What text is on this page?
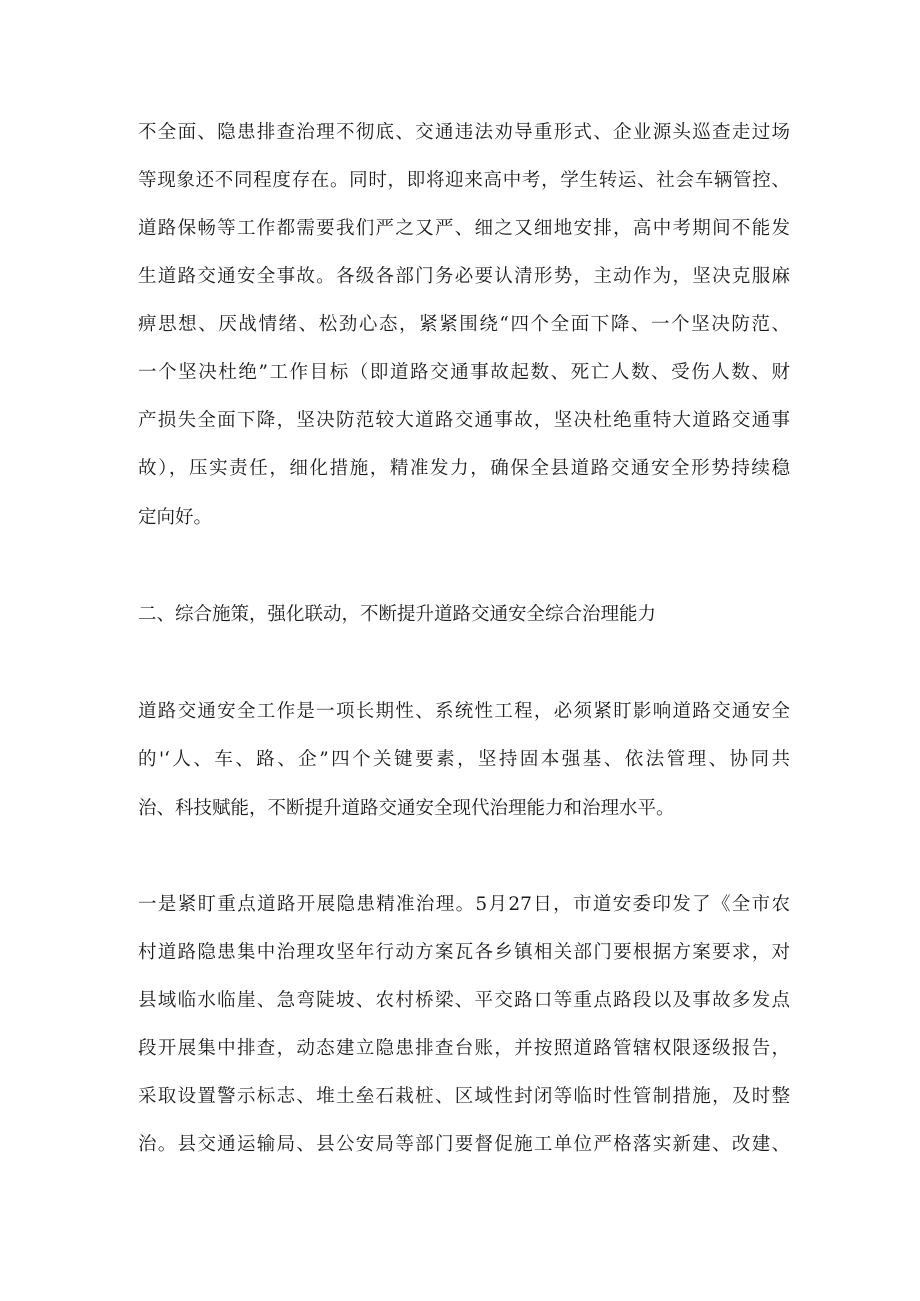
不全面、隐患排查治理不彻底、交通违法劝导重形式、企业源头巡查走过场
等现象还不同程度存在。同时，即将迎来高中考，学生转运、社会车辆管控、
道路保畅等工作都需要我们严之又严、细之又细地安排，高中考期间不能发
生道路交通安全事故。各级各部门务必要认清形势，主动作为，坚决克服麻
痹思想、厌战情绪、松劲心态，紧紧围绕“四个全面下降、一个坚决防范、
一个坚决杜绝”工作目标（即道路交通事故起数、死亡人数、受伤人数、财
产损失全面下降，坚决防范较大道路交通事故，坚决杜绝重特大道路交通事
故），压实责任，细化措施，精准发力，确保全县道路交通安全形势持续稳
定向好。
二、综合施策，强化联动，不断提升道路交通安全综合治理能力
道路交通安全工作是一项长期性、系统性工程，必须紧盯影响道路交通安全
的'‘人、车、路、企”四个关键要素，坚持固本强基、依法管理、协同共
治、科技赋能，不断提升道路交通安全现代治理能力和治理水平。
一是紧盯重点道路开展隐患精准治理。5月27日，市道安委印发了《全市农
村道路隐患集中治理攻坚年行动方案瓦各乡镇相关部门要根据方案要求，对
县域临水临崖、急弯陡坡、农村桥梁、平交路口等重点路段以及事故多发点
段开展集中排查，动态建立隐患排查台账，并按照道路管辖权限逐级报告，
采取设置警示标志、堆土垒石栽桩、区域性封闭等临时性管制措施，及时整
治。县交通运输局、县公安局等部门要督促施工单位严格落实新建、改建、
